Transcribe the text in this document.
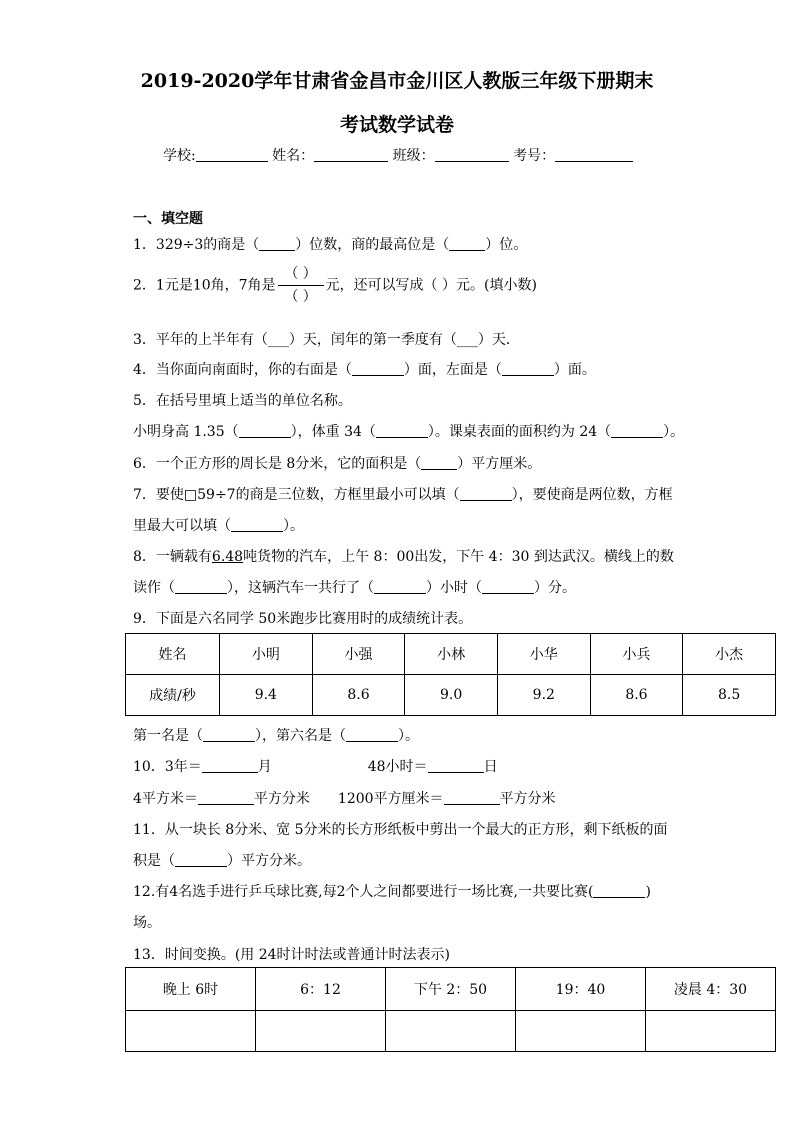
2019-2020学年甘肃省金昌市金川区人教版三年级下册期末
考试数学试卷
学校:	姓名：	班级：	考号：
一、填空题
1．329÷3的商是（	）位数，商的最高位是（	）位。
2．1元是10角，7角是 $\frac{( )}{( )}$ 元，还可以写成（ ）元。(填小数)
3．平年的上半年有（___）天，闰年的第一季度有（___）天．
4．当你面向南面时，你的右面是（	）面，左面是（	）面。
5．在括号里填上适当的单位名称。
小明身高 1.35（	），体重 34（	）。课桌表面的面积约为 24（	）。
6．一个正方形的周长是 8分米，它的面积是（	）平方厘米。
7．要使□59÷7的商是三位数，方框里最小可以填（	），要使商是两位数，方框
里最大可以填（	）。
8．一辆载有6.48吨货物的汽车，上午 8：00出发，下午 4：30 到达武汉。横线上的数
读作（	），这辆汽车一共行了（	）小时（	）分。
9．下面是六名同学 50米跑步比赛用时的成绩统计表。
姓名	小明	小强	小林	小华	小兵	小杰
成绩/秒	9.4	8.6	9.0	9.2	8.6	8.5
第一名是（	），第六名是（	）。
10．3年＝	月	48小时＝	日
4平方米＝	平方分米 1200平方厘米＝	平方分米
11．从一块长 8分米、宽 5分米的长方形纸板中剪出一个最大的正方形，剩下纸板的面
积是（	）平方分米。
12.有4名选手进行乒乓球比赛,每2个人之间都要进行一场比赛,一共要比赛(	)
场。
13．时间变换。(用 24时计时法或普通计时法表示)
晚上 6时	6：12	下午 2：50	19：40	凌晨 4：30
